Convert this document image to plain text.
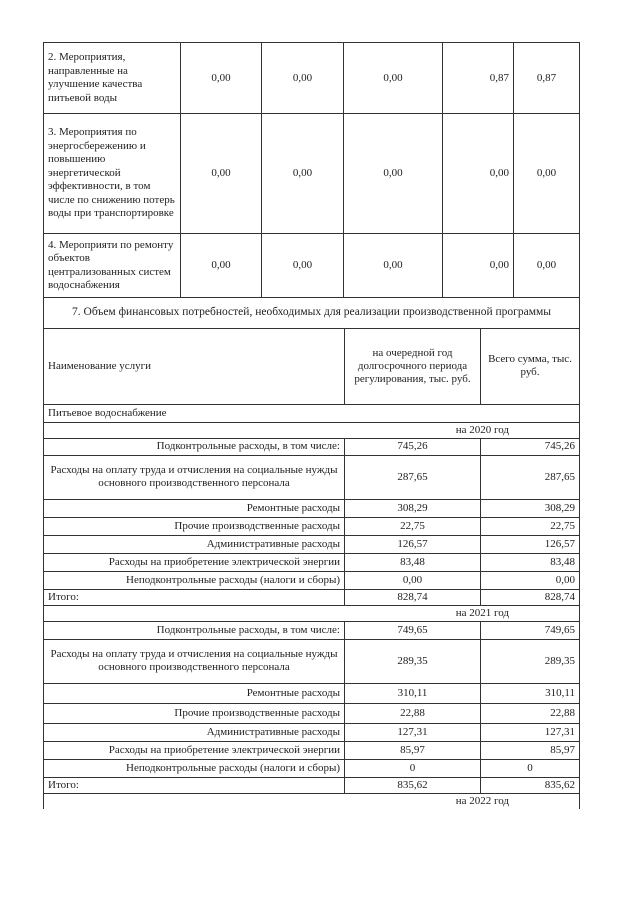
2. Мероприятия, направленные на улучшение качества питьевой воды	0,00	0,00	0,00	0,87	0,87
3. Мероприятия по энергосбережению и повышению энергетической эффективности, в том числе по снижению потерь воды при транспортировке	0,00	0,00	0,00	0,00	0,00
4. Мероприяти по ремонту объектов централизованных систем водоснабжения	0,00	0,00	0,00	0,00	0,00
7. Объем финансовых потребностей, необходимых для реализации производственной программы		
Наименование услуги	на очередной год долгосрочного периода регулирования, тыс. руб.	Всего сумма, тыс. руб.
Питьевое водоснабжение		
на 2020 год		
Подконтрольные расходы, в том числе:	745,26	745,26
Расходы на оплату труда и отчисления на социальные нужды основного производственного персонала	287,65	287,65
Ремонтные расходы	308,29	308,29
Прочие производственные расходы	22,75	22,75
Административные расходы	126,57	126,57
Расходы на приобретение электрической энергии	83,48	83,48
Неподконтрольные расходы (налоги и сборы)	0,00	0,00
Итого:	828,74	828,74
на 2021 год		
Подконтрольные расходы, в том числе:	749,65	749,65
Расходы на оплату труда и отчисления на социальные нужды основного производственного персонала	289,35	289,35
Ремонтные расходы	310,11	310,11
Прочие производственные расходы	22,88	22,88
Административные расходы	127,31	127,31
Расходы на приобретение электрической энергии	85,97	85,97
Неподконтрольные расходы (налоги и сборы)	0	0
Итого:	835,62	835,62
на 2022 год		
